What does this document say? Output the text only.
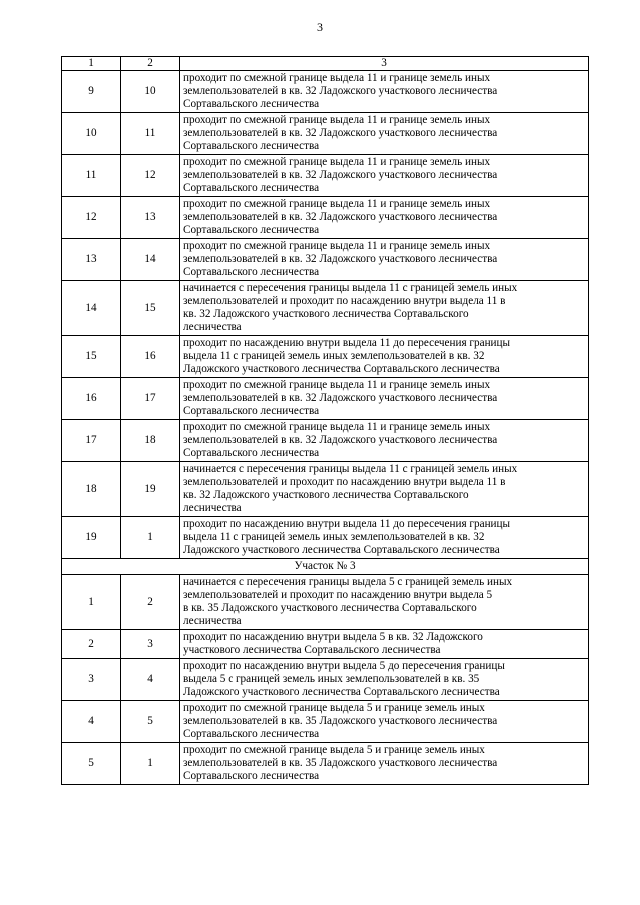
3
1	2	3
9	10	проходит по смежной границе выдела 11 и границе земель иных
землепользователей в кв. 32 Ладожского участкового лесничества
Сортавальского лесничества
10	11	проходит по смежной границе выдела 11 и границе земель иных
землепользователей в кв. 32 Ладожского участкового лесничества
Сортавальского лесничества
11	12	проходит по смежной границе выдела 11 и границе земель иных
землепользователей в кв. 32 Ладожского участкового лесничества
Сортавальского лесничества
12	13	проходит по смежной границе выдела 11 и границе земель иных
землепользователей в кв. 32 Ладожского участкового лесничества
Сортавальского лесничества
13	14	проходит по смежной границе выдела 11 и границе земель иных
землепользователей в кв. 32 Ладожского участкового лесничества
Сортавальского лесничества
14	15	начинается с пересечения границы выдела 11 с границей земель иных
землепользователей и проходит по насаждению внутри выдела 11 в
кв. 32 Ладожского участкового лесничества Сортавальского
лесничества
15	16	проходит по насаждению внутри выдела 11 до пересечения границы
выдела 11 с границей земель иных землепользователей в кв. 32
Ладожского участкового лесничества Сортавальского лесничества
16	17	проходит по смежной границе выдела 11 и границе земель иных
землепользователей в кв. 32 Ладожского участкового лесничества
Сортавальского лесничества
17	18	проходит по смежной границе выдела 11 и границе земель иных
землепользователей в кв. 32 Ладожского участкового лесничества
Сортавальского лесничества
18	19	начинается с пересечения границы выдела 11 с границей земель иных
землепользователей и проходит по насаждению внутри выдела 11 в
кв. 32 Ладожского участкового лесничества Сортавальского
лесничества
19	1	проходит по насаждению внутри выдела 11 до пересечения границы
выдела 11 с границей земель иных землепользователей в кв. 32
Ладожского участкового лесничества Сортавальского лесничества
Участок № 3		
1	2	начинается с пересечения границы выдела 5 с границей земель иных
землепользователей и проходит по насаждению внутри выдела 5
в кв. 35 Ладожского участкового лесничества Сортавальского
лесничества
2	3	проходит по насаждению внутри выдела 5 в кв. 32 Ладожского
участкового лесничества Сортавальского лесничества
3	4	проходит по насаждению внутри выдела 5 до пересечения границы
выдела 5 с границей земель иных землепользователей в кв. 35
Ладожского участкового лесничества Сортавальского лесничества
4	5	проходит по смежной границе выдела 5 и границе земель иных
землепользователей в кв. 35 Ладожского участкового лесничества
Сортавальского лесничества
5	1	проходит по смежной границе выдела 5 и границе земель иных
землепользователей в кв. 35 Ладожского участкового лесничества
Сортавальского лесничества
